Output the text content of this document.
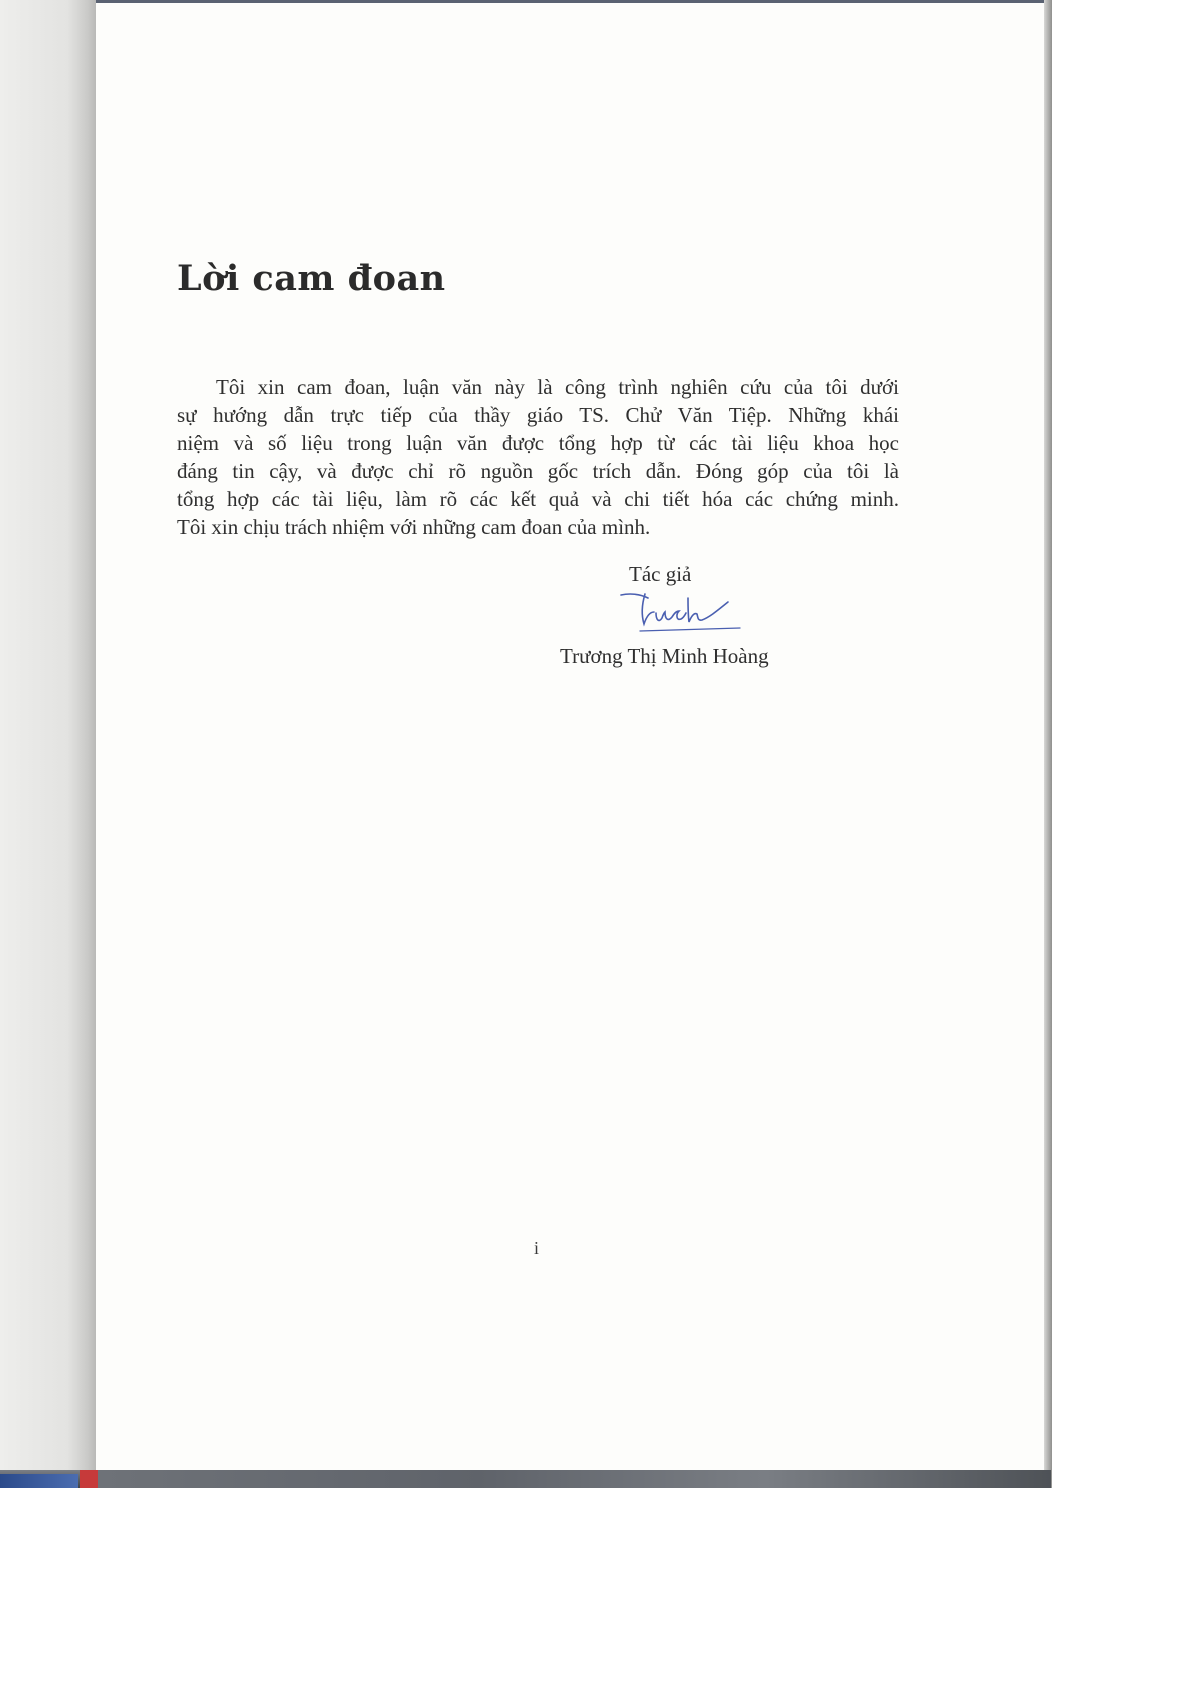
Lời cam đoan

Tôi xin cam đoan, luận văn này là công trình nghiên cứu của tôi dưới
sự hướng dẫn trực tiếp của thầy giáo TS. Chử Văn Tiệp. Những khái
niệm và số liệu trong luận văn được tổng hợp từ các tài liệu khoa học
đáng tin cậy, và được chỉ rõ nguồn gốc trích dẫn. Đóng góp của tôi là
tổng hợp các tài liệu, làm rõ các kết quả và chi tiết hóa các chứng minh.
Tôi xin chịu trách nhiệm với những cam đoan của mình.

Tác giả
Trương Thị Minh Hoàng
i
